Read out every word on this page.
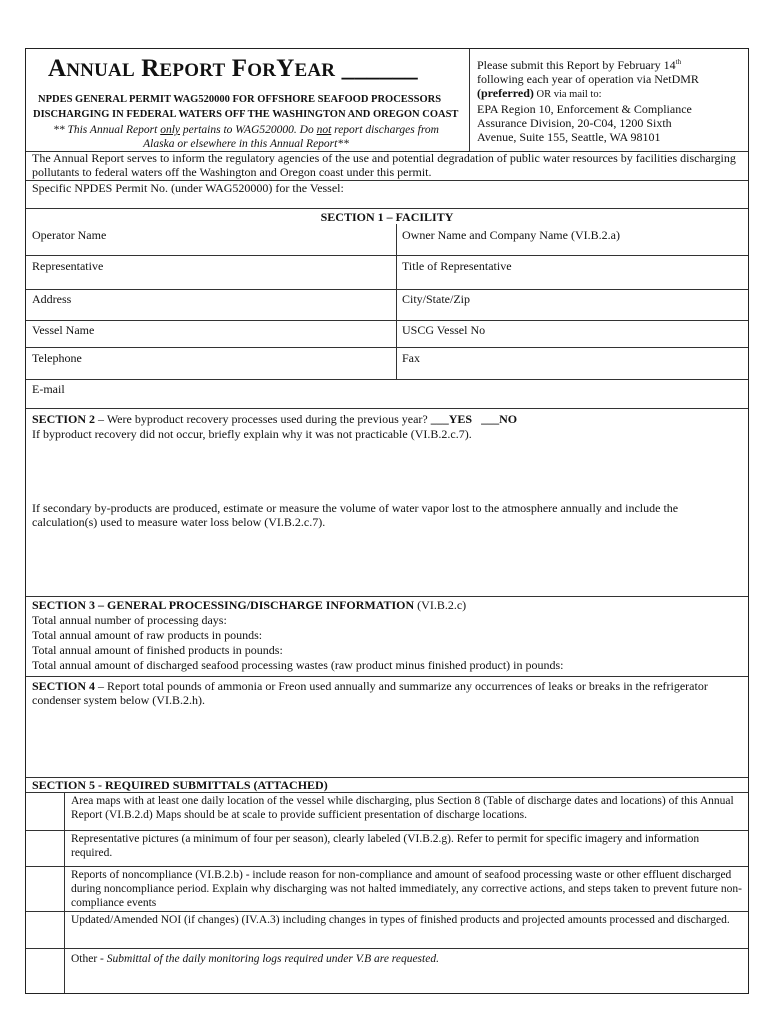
ANNUAL REPORT FORYEAR ______
NPDES GENERAL PERMIT WAG520000 FOR OFFSHORE SEAFOOD PROCESSORS
DISCHARGING IN FEDERAL WATERS OFF THE WASHINGTON AND OREGON COAST
** This Annual Report only pertains to WAG520000. Do not report discharges from
Alaska or elsewhere in this Annual Report**
Please submit this Report by February 14th
following each year of operation via NetDMR
(preferred) OR via mail to:
EPA Region 10, Enforcement & Compliance
Assurance Division, 20-C04, 1200 Sixth
Avenue, Suite 155, Seattle, WA 98101
The Annual Report serves to inform the regulatory agencies of the use and potential degradation of public water resources by facilities discharging pollutants to federal waters off the Washington and Oregon coast under this permit.
Specific NPDES Permit No. (under WAG520000) for the Vessel:
SECTION 1 – FACILITY
Operator Name	Owner Name and Company Name (VI.B.2.a)
Representative	Title of Representative
Address	City/State/Zip
Vessel Name	USCG Vessel No
Telephone	Fax
E-mail
SECTION 2 – Were byproduct recovery processes used during the previous year? ___YES ___NO
If byproduct recovery did not occur, briefly explain why it was not practicable (VI.B.2.c.7).
If secondary by-products are produced, estimate or measure the volume of water vapor lost to the atmosphere annually and include the calculation(s) used to measure water loss below (VI.B.2.c.7).
SECTION 3 – GENERAL PROCESSING/DISCHARGE INFORMATION (VI.B.2.c)
Total annual number of processing days:
Total annual amount of raw products in pounds:
Total annual amount of finished products in pounds:
Total annual amount of discharged seafood processing wastes (raw product minus finished product) in pounds:
SECTION 4 – Report total pounds of ammonia or Freon used annually and summarize any occurrences of leaks or breaks in the refrigerator condenser system below (VI.B.2.h).
SECTION 5 - REQUIRED SUBMITTALS (ATTACHED)
Area maps with at least one daily location of the vessel while discharging, plus Section 8 (Table of discharge dates and locations) of this Annual Report (VI.B.2.d) Maps should be at scale to provide sufficient presentation of discharge locations.
Representative pictures (a minimum of four per season), clearly labeled (VI.B.2.g). Refer to permit for specific imagery and information required.
Reports of noncompliance (VI.B.2.b) - include reason for non-compliance and amount of seafood processing waste or other effluent discharged during noncompliance period. Explain why discharging was not halted immediately, any corrective actions, and steps taken to prevent future non-compliance events
Updated/Amended NOI (if changes) (IV.A.3) including changes in types of finished products and projected amounts processed and discharged.
Other - Submittal of the daily monitoring logs required under V.B are requested.
